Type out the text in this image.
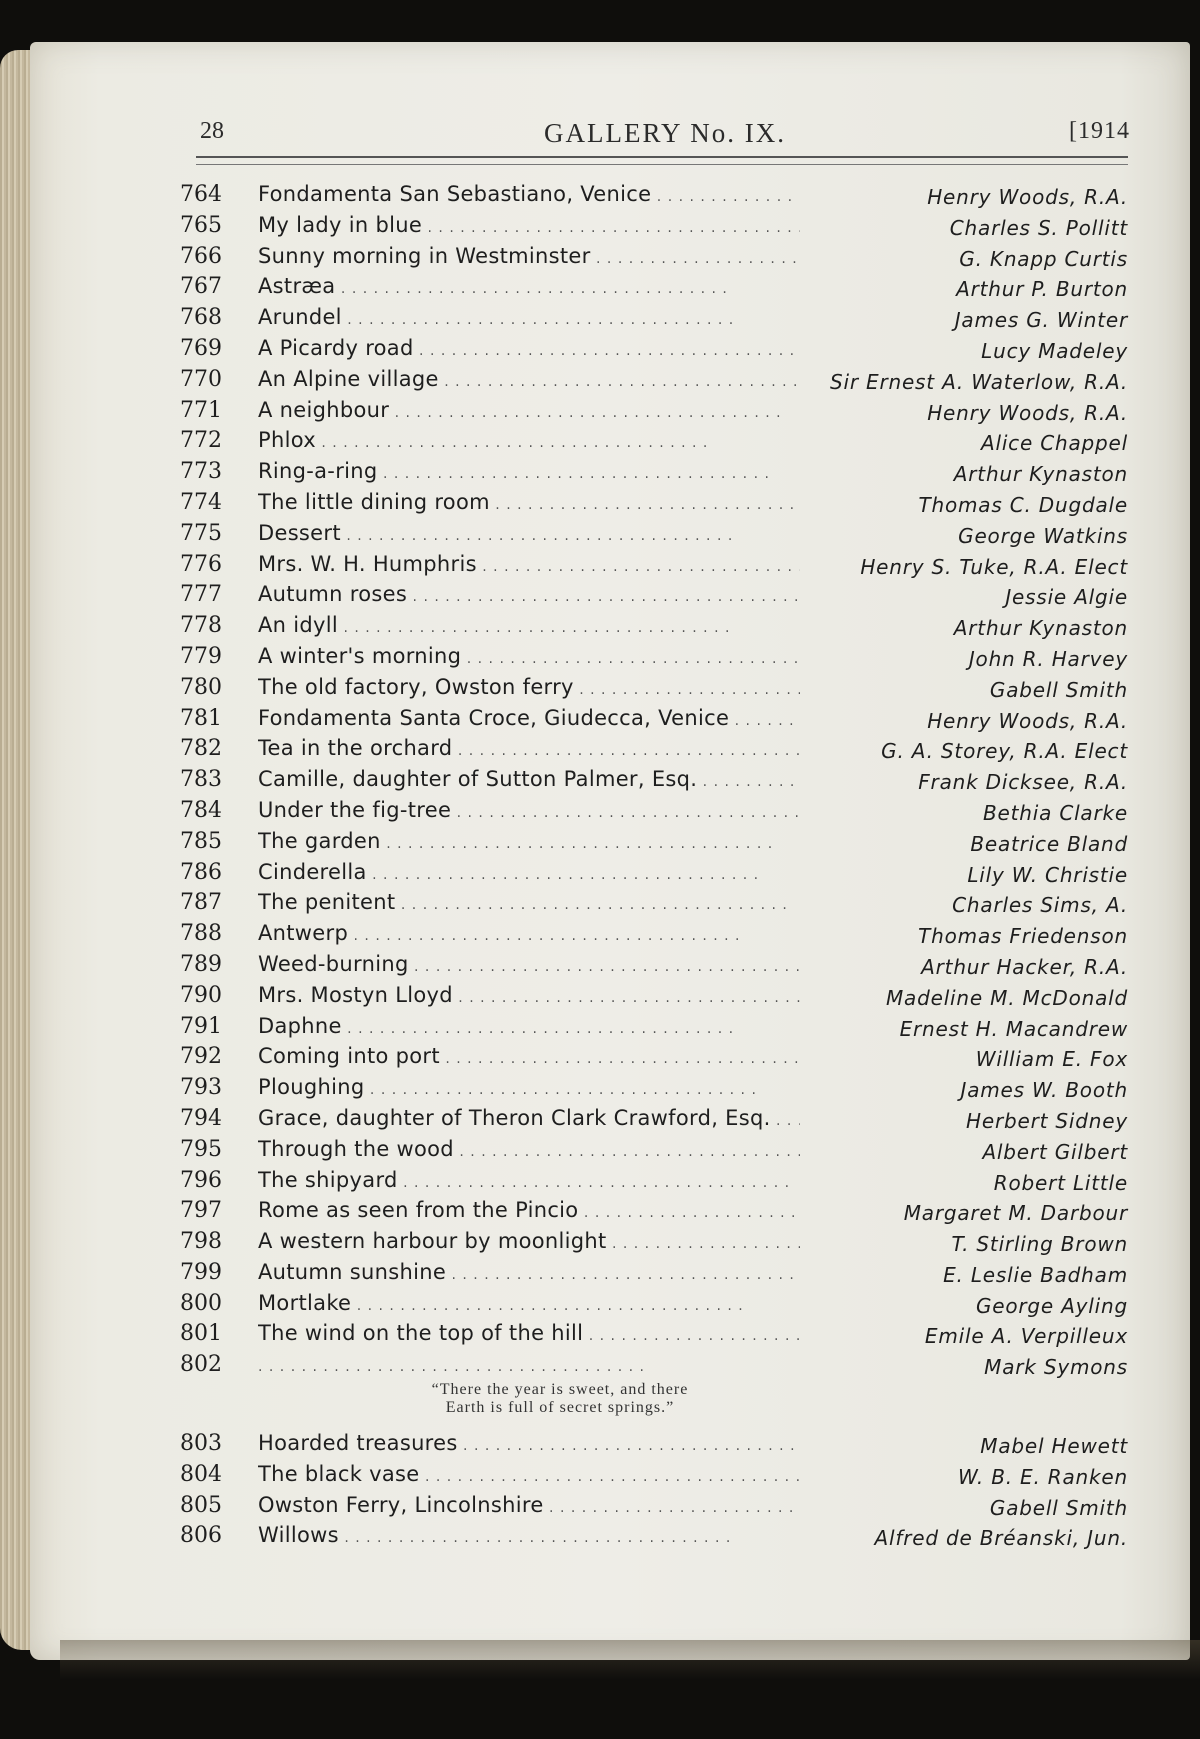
28	GALLERY No. IX.	[1914
764	Fondamenta San Sebastiano, Venice . . .	Henry Woods, R.A.
765	My lady in blue . . .	Charles S. Pollitt
766	Sunny morning in Westminster . . .	G. Knapp Curtis
767	Astræa . . .	Arthur P. Burton
768	Arundel . . .	James G. Winter
769	A Picardy road . . .	Lucy Madeley
770	An Alpine village . . .	Sir Ernest A. Waterlow, R.A.
771	A neighbour . . .	Henry Woods, R.A.
772	Phlox . . .	Alice Chappel
773	Ring-a-ring . . .	Arthur Kynaston
774	The little dining room . . .	Thomas C. Dugdale
775	Dessert . . .	George Watkins
776	Mrs. W. H. Humphris . . .	Henry S. Tuke, R.A. Elect
777	Autumn roses . . .	Jessie Algie
778	An idyll . . .	Arthur Kynaston
779	A winter's morning . . .	John R. Harvey
780	The old factory, Owston ferry . . .	Gabell Smith
781	Fondamenta Santa Croce, Giudecca, Venice . . .	Henry Woods, R.A.
782	Tea in the orchard . . .	G. A. Storey, R.A. Elect
783	Camille, daughter of Sutton Palmer, Esq. . . .	Frank Dicksee, R.A.
784	Under the fig-tree . . .	Bethia Clarke
785	The garden . . .	Beatrice Bland
786	Cinderella . . .	Lily W. Christie
787	The penitent . . .	Charles Sims, A.
788	Antwerp . . .	Thomas Friedenson
789	Weed-burning . . .	Arthur Hacker, R.A.
790	Mrs. Mostyn Lloyd . . .	Madeline M. McDonald
791	Daphne . . .	Ernest H. Macandrew
792	Coming into port . . .	William E. Fox
793	Ploughing . . .	James W. Booth
794	Grace, daughter of Theron Clark Crawford, Esq. . . .	Herbert Sidney
795	Through the wood . . .	Albert Gilbert
796	The shipyard . . .	Robert Little
797	Rome as seen from the Pincio . . .	Margaret M. Darbour
798	A western harbour by moonlight . . .	T. Stirling Brown
799	Autumn sunshine . . .	E. Leslie Badham
800	Mortlake . . .	George Ayling
801	The wind on the top of the hill . . .	Emile A. Verpilleux
802
. . .	Mark Symons
“There the year is sweet, and there
Earth is full of secret springs.”
803	Hoarded treasures . . .	Mabel Hewett
804	The black vase . . .	W. B. E. Ranken
805	Owston Ferry, Lincolnshire . . .	Gabell Smith
806	Willows . . .	Alfred de Bréanski, Jun.
